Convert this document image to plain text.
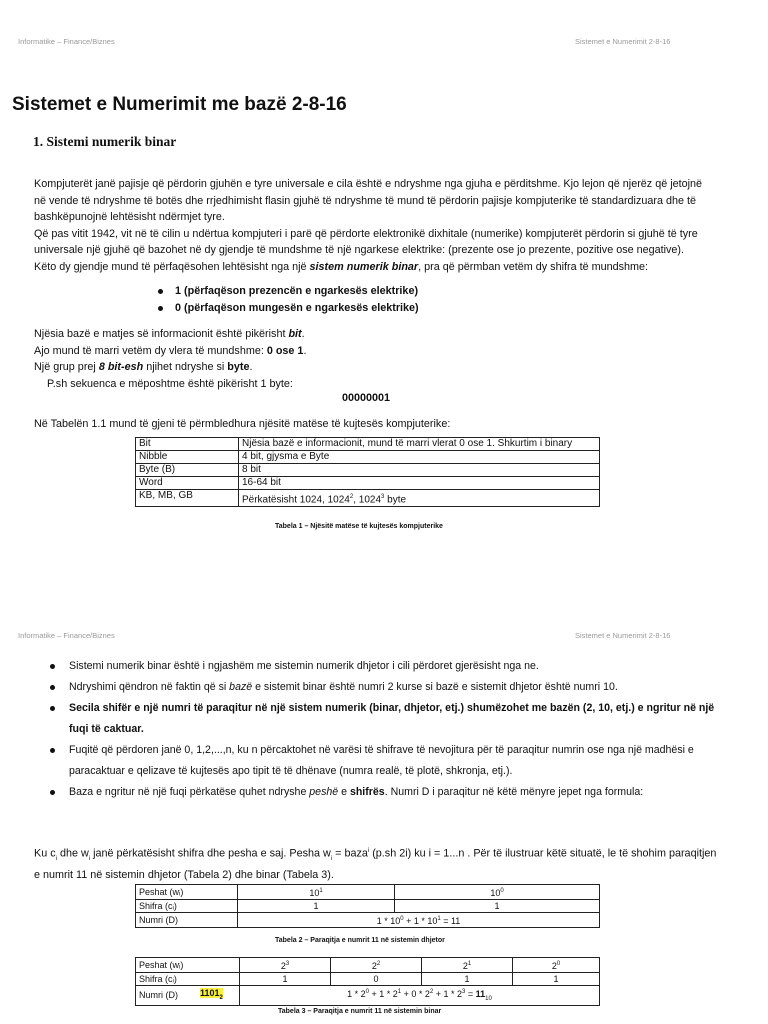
Informatike – Finance/Biznes	Sistemet e Numerimit 2-8-16
Sistemet e Numerimit me bazë 2-8-16
1. Sistemi numerik binar
Kompjuterët janë pajisje që përdorin gjuhën e tyre universale e cila është e ndryshme nga gjuha e përditshme. Kjo lejon që njerëz që jetojnë
në vende të ndryshme të botës dhe rrjedhimisht flasin gjuhë të ndryshme të mund të përdorin pajisje kompjuterike të standardizuara dhe të
bashkëpunojnë lehtësisht ndërmjet tyre.
Që pas vitit 1942, vit në të cilin u ndërtua kompjuteri i parë që përdorte elektronikë dixhitale (numerike) kompjuterët përdorin si gjuhë të tyre
universale një gjuhë që bazohet në dy gjendje të mundshme të një ngarkese elektrike: (prezente ose jo prezente, pozitive ose negative).
Këto dy gjendje mund të përfaqësohen lehtësisht nga një sistem numerik binar, pra që përmban vetëm dy shifra të mundshme:
1 (përfaqëson prezencën e ngarkesës elektrike)
0 (përfaqëson mungesën e ngarkesës elektrike)
Njësia bazë e matjes së informacionit është pikërisht bit.
Ajo mund të marri vetëm dy vlera të mundshme: 0 ose 1.
Një grup prej 8 bit-esh njihet ndryshe si byte.
P.sh sekuenca e mëposhtme është pikërisht 1 byte:
00000001
Në Tabelën 1.1 mund të gjeni të përmbledhura njësitë matëse të kujtesës kompjuterike:
Bit	Njësia bazë e informacionit, mund të marri vlerat 0 ose 1. Shkurtim i binary
Nibble	4 bit, gjysma e Byte
Byte (B)	8 bit
Word	16-64 bit
KB, MB, GB	Përkatësisht 1024, 1024$^2$, 1024$^3$ byte
Tabela 1 – Njësitë matëse të kujtesës kompjuterike
Informatike – Finance/Biznes	Sistemet e Numerimit 2-8-16
Sistemi numerik binar është i ngjashëm me sistemin numerik dhjetor i cili përdoret gjerësisht nga ne.
Ndryshimi qëndron në faktin që si bazë e sistemit binar është numri 2 kurse si bazë e sistemit dhjetor është numri 10.
Secila shifër e një numri të paraqitur në një sistem numerik (binar, dhjetor, etj.) shumëzohet me bazën (2, 10, etj.) e ngritur në një fuqi të caktuar.
Fuqitë që përdoren janë 0, 1,2,...,n, ku n përcaktohet në varësi të shifrave të nevojitura për të paraqitur numrin ose nga një madhësi e paracaktuar e qelizave të kujtesës apo tipit të të dhënave (numra realë, të plotë, shkronja, etj.).
Baza e ngritur në një fuqi përkatëse quhet ndryshe peshë e shifrës. Numri D i paraqitur në këtë mënyre jepet nga formula:
Ku $c_i$ dhe $w_i$ janë përkatësisht shifra dhe pesha e saj. Pesha $w_i$ = baza$^i$ (p.sh 2i) ku i = 1...n . Për të ilustruar këtë situatë, le të shohim paraqitjen
e numrit 11 në sistemin dhjetor (Tabela 2) dhe binar (Tabela 3).
Peshat (wᵢ)	$10^1$	$10^0$
Shifra (cᵢ)	1	1
Numri (D)	$1 * 10^0 + 1 * 10^1 = 11$	
Tabela 2 – Paraqitja e numrit 11 në sistemin dhjetor
Peshat (wᵢ)		$2^3$	$2^2$	$2^1$	$2^0$
Shifra (cᵢ)		1	0	1	1
Numri (D)	$1101_2$	$1 * 2^0 + 1 * 2^1 + 0 * 2^2 + 1 * 2^3 = 11_{10}$
Tabela 3 – Paraqitja e numrit 11 në sistemin binar
